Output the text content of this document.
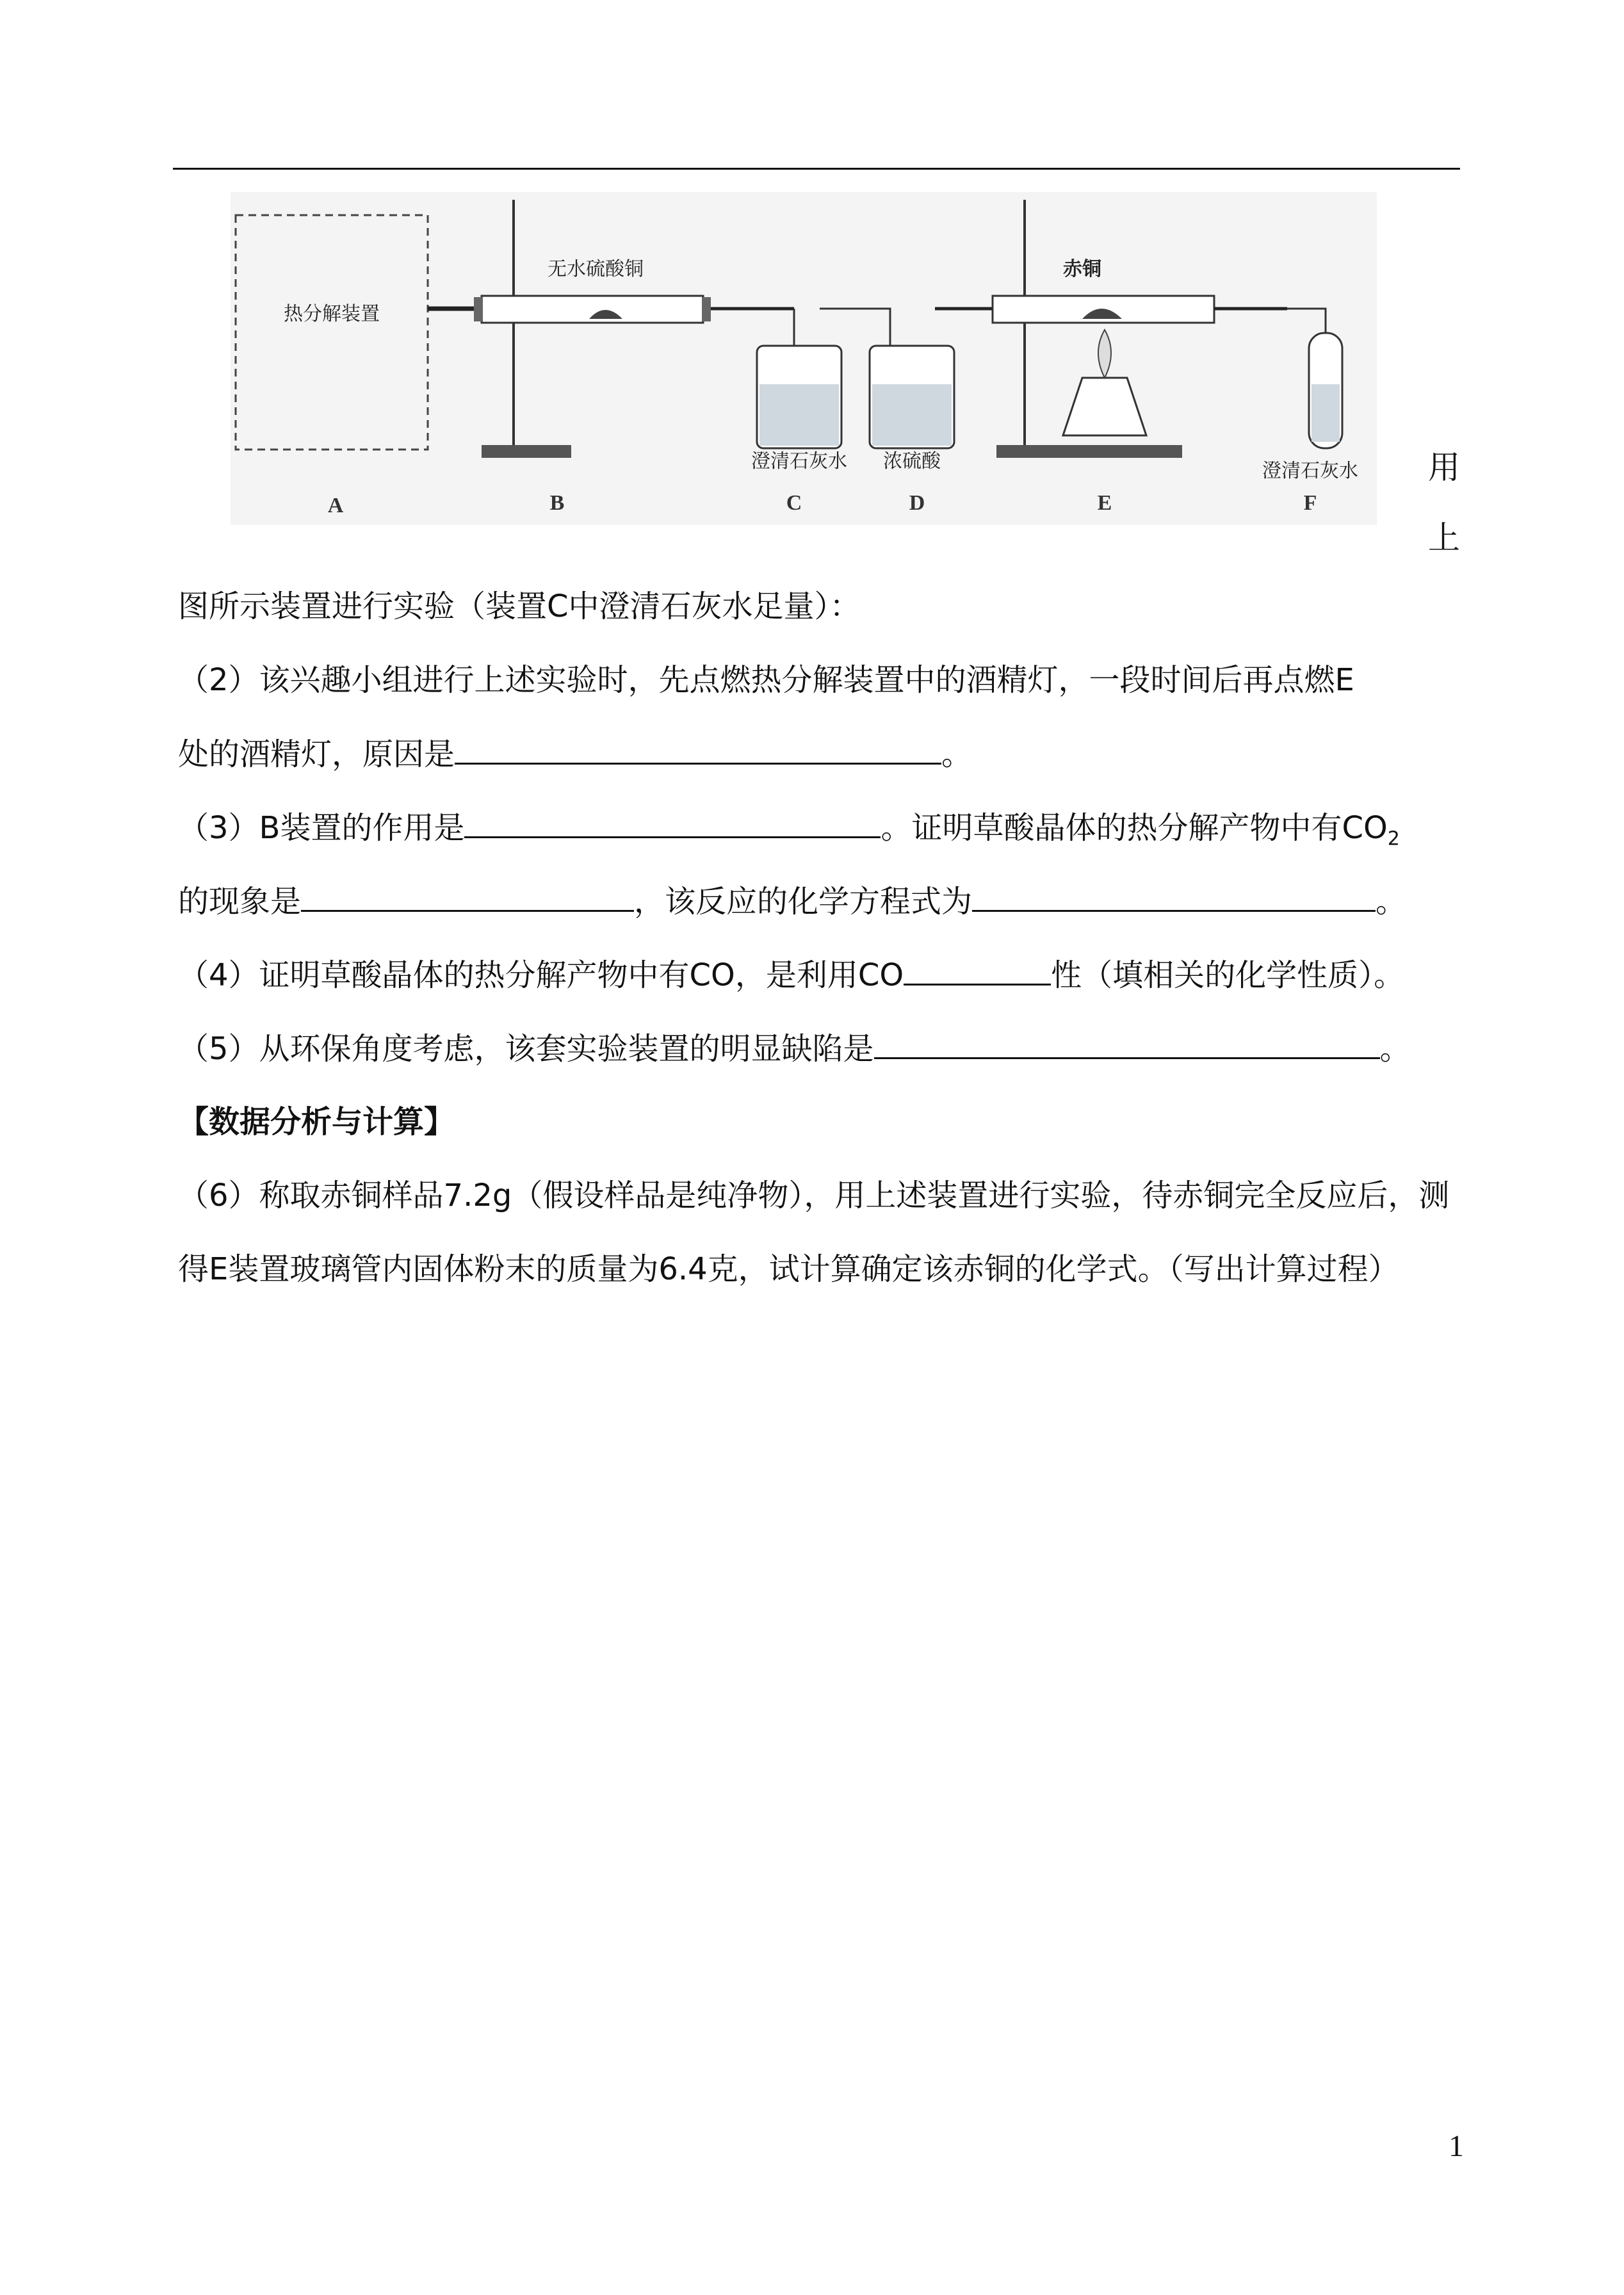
热分解装置
无水硫酸铜
澄清石灰水 浓硫酸
赤铜
澄清石灰水
A	B	C	D	E	F
用
上
图所示装置进行实验（装置C中澄清石灰水足量）：
（2）该兴趣小组进行上述实验时，先点燃热分解装置中的酒精灯，一段时间后再点燃E
处的酒精灯，原因是	。
（3）B装置的作用是	。证明草酸晶体的热分解产物中有$CO_2$
的现象是	，该反应的化学方程式为	。
（4）证明草酸晶体的热分解产物中有CO，是利用CO	性（填相关的化学性质）。
（5）从环保角度考虑，该套实验装置的明显缺陷是	。
【数据分析与计算】
（6）称取赤铜样品7.2g（假设样品是纯净物），用上述装置进行实验，待赤铜完全反应后，测
得E装置玻璃管内固体粉末的质量为6.4克，试计算确定该赤铜的化学式。（写出计算过程）
1
